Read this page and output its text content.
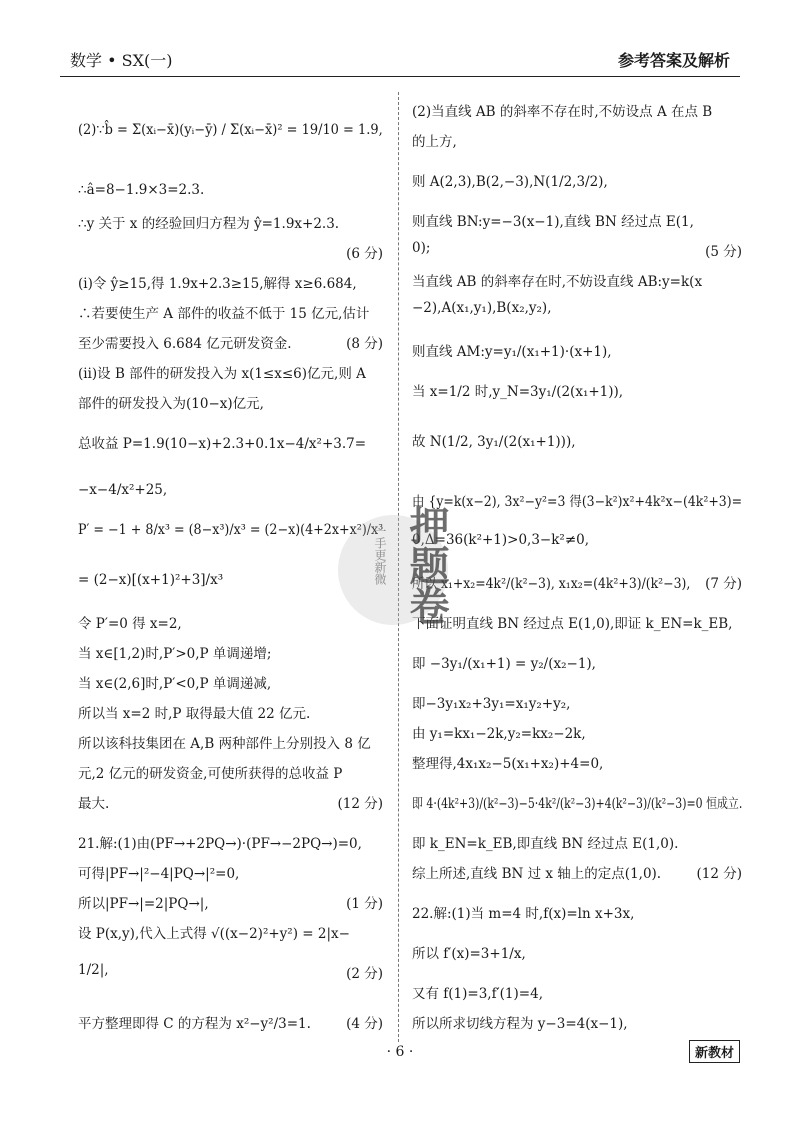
数学 • SX(一)	参考答案及解析
(2)∵b̂ = Σ(xᵢ−x̄)(yᵢ−ȳ) / Σ(xᵢ−x̄)² = 19/10 = 1.9,
∴â=8−1.9×3=2.3.
∴y 关于 x 的经验回归方程为 ŷ=1.9x+2.3.
(6 分)
(ⅰ)令 ŷ≥15,得 1.9x+2.3≥15,解得 x≥6.684,
∴若要使生产 A 部件的收益不低于 15 亿元,估计
至少需要投入 6.684 亿元研发资金.	(8 分)
(ⅱ)设 B 部件的研发投入为 x(1≤x≤6)亿元,则 A
部件的研发投入为(10−x)亿元,
总收益 P=1.9(10−x)+2.3+0.1x−4/x²+3.7=
−x−4/x²+25,
P′ = −1 + 8/x³ = (8−x³)/x³ = (2−x)(4+2x+x²)/x³
= (2−x)[(x+1)²+3]/x³
令 P′=0 得 x=2,
当 x∈[1,2)时,P′>0,P 单调递增;
当 x∈(2,6]时,P′<0,P 单调递减,
所以当 x=2 时,P 取得最大值 22 亿元.
所以该科技集团在 A,B 两种部件上分别投入 8 亿
元,2 亿元的研发资金,可使所获得的总收益 P
最大.	(12 分)
21.解:(1)由(PF→+2PQ→)·(PF→−2PQ→)=0,
可得|PF→|²−4|PQ→|²=0,
所以|PF→|=2|PQ→|,	(1 分)
设 P(x,y),代入上式得 √((x−2)²+y²) = 2|x−
1/2|,	(2 分)
平方整理即得 C 的方程为 x²−y²/3=1.	(4 分)
(2)当直线 AB 的斜率不存在时,不妨设点 A 在点 B
的上方,
则 A(2,3),B(2,−3),N(1/2,3/2),
则直线 BN:y=−3(x−1),直线 BN 经过点 E(1,
0);	(5 分)
当直线 AB 的斜率存在时,不妨设直线 AB:y=k(x
−2),A(x₁,y₁),B(x₂,y₂),
则直线 AM:y=y₁/(x₁+1)·(x+1),
当 x=1/2 时,y_N=3y₁/(2(x₁+1)),
故 N(1/2, 3y₁/(2(x₁+1))),
由 {y=k(x−2), 3x²−y²=3 得(3−k²)x²+4k²x−(4k²+3)=
0,Δ=36(k²+1)>0,3−k²≠0,
所以 x₁+x₂=4k²/(k²−3), x₁x₂=(4k²+3)/(k²−3), (7 分)
下面证明直线 BN 经过点 E(1,0),即证 k_EN=k_EB,
即 −3y₁/(x₁+1) = y₂/(x₂−1),
即−3y₁x₂+3y₁=x₁y₂+y₂,
由 y₁=kx₁−2k,y₂=kx₂−2k,
整理得,4x₁x₂−5(x₁+x₂)+4=0,
即 4·(4k²+3)/(k²−3)−5·4k²/(k²−3)+4(k²−3)/(k²−3)=0 恒成立.
即 k_EN=k_EB,即直线 BN 经过点 E(1,0).
综上所述,直线 BN 过 x 轴上的定点(1,0).	(12 分)
22.解:(1)当 m=4 时,f(x)=ln x+3x,
所以 f′(x)=3+1/x,
又有 f(1)=3,f′(1)=4,
所以所求切线方程为 y−3=4(x−1),
一手更新微 押题卷
· 6 ·	新教材
